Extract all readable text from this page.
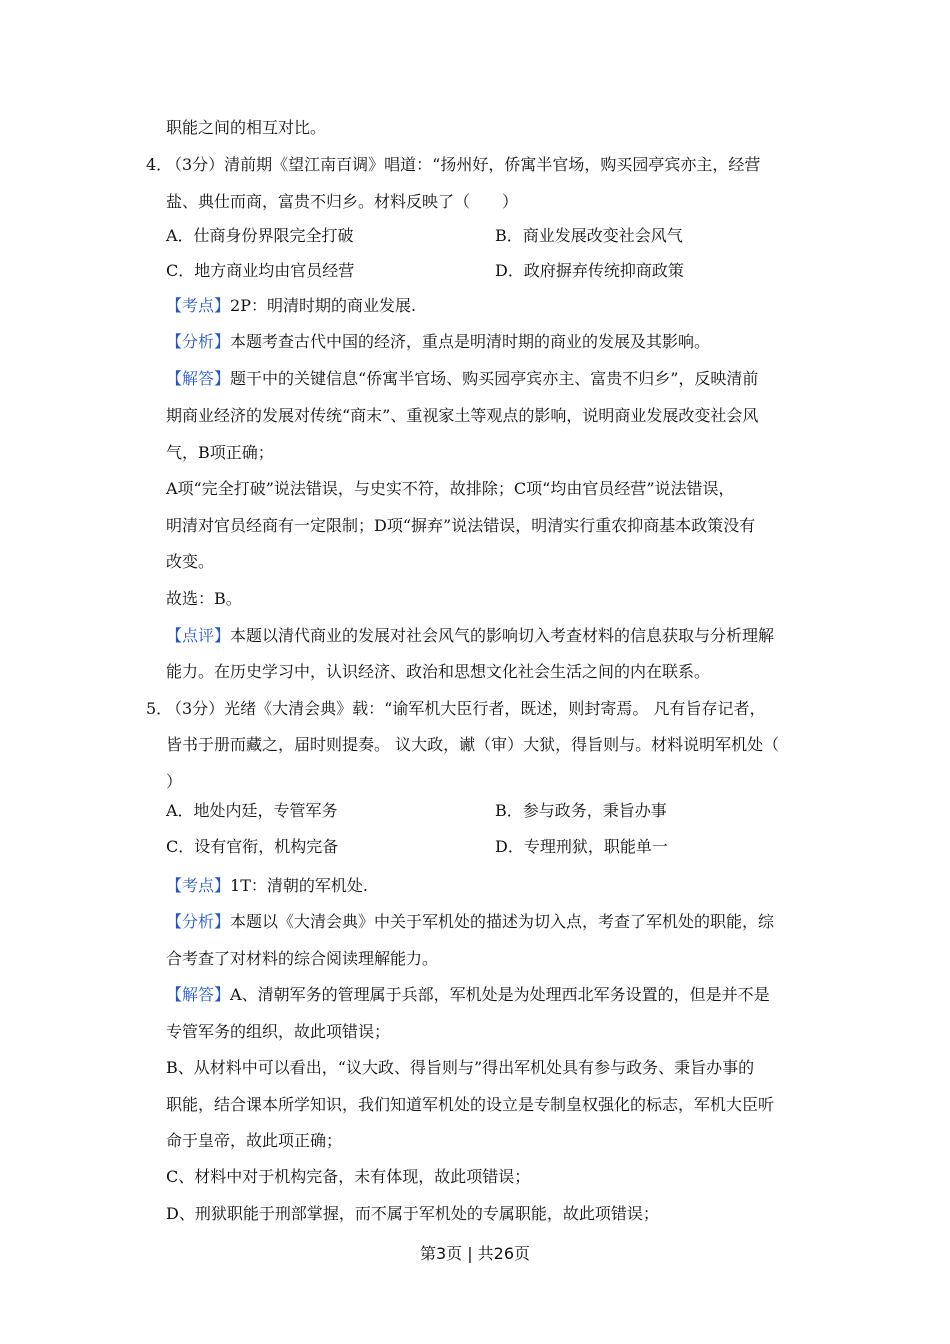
职能之间的相互对比。
4．
（3分）清前期《望江南百调》唱道：“扬州好，侨寓半官场，购买园亭宾亦主，经营
盐、典仕而商，富贵不归乡。材料反映了（　　）
【考点】2P：明清时期的商业发展.
【分析】本题考查古代中国的经济，重点是明清时期的商业的发展及其影响。
【解答】题干中的关键信息“侨寓半官场、购买园亭宾亦主、富贵不归乡”，反映清前
期商业经济的发展对传统“商末”、重视家土等观点的影响，说明商业发展改变社会风
气，B项正确；
A项“完全打破”说法错误，与史实不符，故排除；C项“均由官员经营”说法错误，
明清对官员经商有一定限制；D项“摒弃”说法错误，明清实行重农抑商基本政策没有
改变。
故选：B。
【点评】本题以清代商业的发展对社会风气的影响切入考查材料的信息获取与分析理解
能力。在历史学习中，认识经济、政治和思想文化社会生活之间的内在联系。
5．
（3分）光绪《大清会典》载：“谕军机大臣行者，既述，则封寄焉。 凡有旨存记者，
皆书于册而藏之，届时则提奏。 议大政，谳（审）大狱，得旨则与。材料说明军机处（
）
【考点】1T：清朝的军机处.
【分析】本题以《大清会典》中关于军机处的描述为切入点，考查了军机处的职能，综
合考查了对材料的综合阅读理解能力。
【解答】A、清朝军务的管理属于兵部，军机处是为处理西北军务设置的，但是并不是
专管军务的组织，故此项错误；
B、从材料中可以看出，“议大政、得旨则与”得出军机处具有参与政务、秉旨办事的
职能，结合课本所学知识，我们知道军机处的设立是专制皇权强化的标志，军机大臣听
命于皇帝，故此项正确；
C、材料中对于机构完备，未有体现，故此项错误；
D、刑狱职能于刑部掌握，而不属于军机处的专属职能，故此项错误；
A．仕商身份界限完全打破	B．商业发展改变社会风气
C．地方商业均由官员经营	D．政府摒弃传统抑商政策
A．地处内廷，专管军务	B．参与政务，秉旨办事
C．设有官衔，机构完备	D．专理刑狱，职能单一
第3页 | 共26页
